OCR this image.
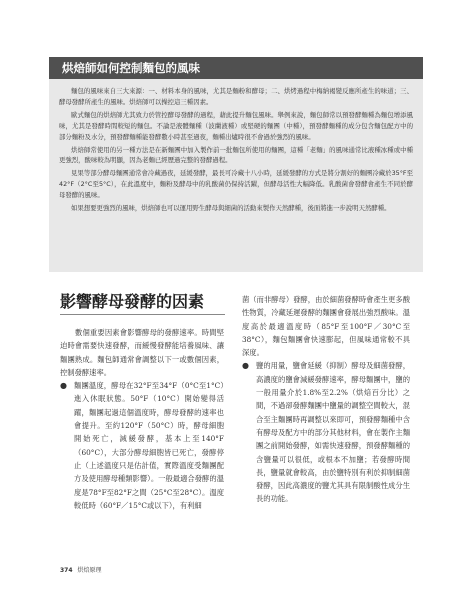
烘焙師如何控制麵包的風味

麵包的風味來自三大來源：一、材料本身的風味，尤其是麵粉和酵母；二、烘烤過程中梅納褐變反應所產生的味道；三、酵母發酵所產生的風味。烘焙師可以操控這三種因素。

歐式麵包的烘焙師尤其致力於管控酵母發酵的過程，藉此提升麵包風味。舉例來說，麵包師常以預發酵麵種為麵包增添風味，尤其是發酵時間較短的麵包。不論是液體麵種（波蘭液種）或堅硬的麵團（中種），預發酵麵種的成分包含麵包配方中的部分麵粉及水分，預發酵麵種能發酵數小時甚至過夜，麵種出爐時很不會過於強烈的風味。

烘焙師常使用的另一種方法是在新麵團中加入製作前一批麵包所使用的麵團，這種「老麵」的風味通常比液種冰種或中種更強烈，酸味較為明顯，因為老麵已經歷過完整的發酵過程。

見果等部分酵母麵團通常會冷藏過夜，延緩發酵，最長可冷藏十八小時，延緩發酵的方式是將分割好的麵團冷藏於35°F至42°F（2°C至5°C），在此溫度中，麵粉及酵母中的乳酸菌仍保持活躍，但酵母活性大幅降低。乳酸菌會發酵會產生不同於酵母發酵的風味。

如果想要更強烈的風味，烘焙師也可以運用野生酵母與細菌的活動來製作天然酵種，後面將進一步說明天然酵種。

影響酵母發酵的因素

數個重要因素會影響酵母的發酵速率。時間堅迫時會需要快速發酵，而緩慢發酵能培養風味、讓麵團熟成。麵包師通常會調整以下一或數個因素，控制發酵速率。

● 麵團溫度，酵母在32°F至34°F（0°C至1°C）進入休眠狀態。50°F（10°C）開始變得活躍，麵團起過這個溫度時，酵母發酵的速率也會提升。至約120°F（50°C）時，酵母細胞開始死亡，減緩發酵，基本上至140°F（60°C），大部分酵母細胞皆已死亡，發酵停止（上述溫度只是估計值，實際溫度受麵團配方及使用酵母種類影響）。一般最適合發酵的溫度是78°F至82°F之間（25°C至28°C）。溫度較低時（60°F／15°C或以下），有利細

菌（而非酵母）發酵，由於細菌發酵時會產生更多酸性物質，冷藏延遲發酵的麵團會發展出強烈酸味。溫度高於最適溫度時（85°F至100°F／30°C至38°C），麵包麵團會快速膨起，但風味通常較不具深度。

● 鹽的用量，鹽會延緩（抑制）酵母及細菌發酵，高濃度的鹽會減緩發酵速率，酵母麵團中，鹽的一般用量介於1.8%至2.2%（烘焙百分比）之間，不過卻發酵麵團中鹽量的調整空間較大，混合至主麵團時再調整以來即可，預發酵麵種中含有酵母及配方中的部分其他材料，會在製作主麵團之前開始發酵，如需快速發酵，預發酵麵種的含鹽量可以很低，或根本不加鹽；若發酵時間長，鹽量就會較高，由於鹽特別有利於抑制細菌發酵，因此高濃度的鹽尤其具有限制酸性成分生長的功能。
374 烘焙原理
